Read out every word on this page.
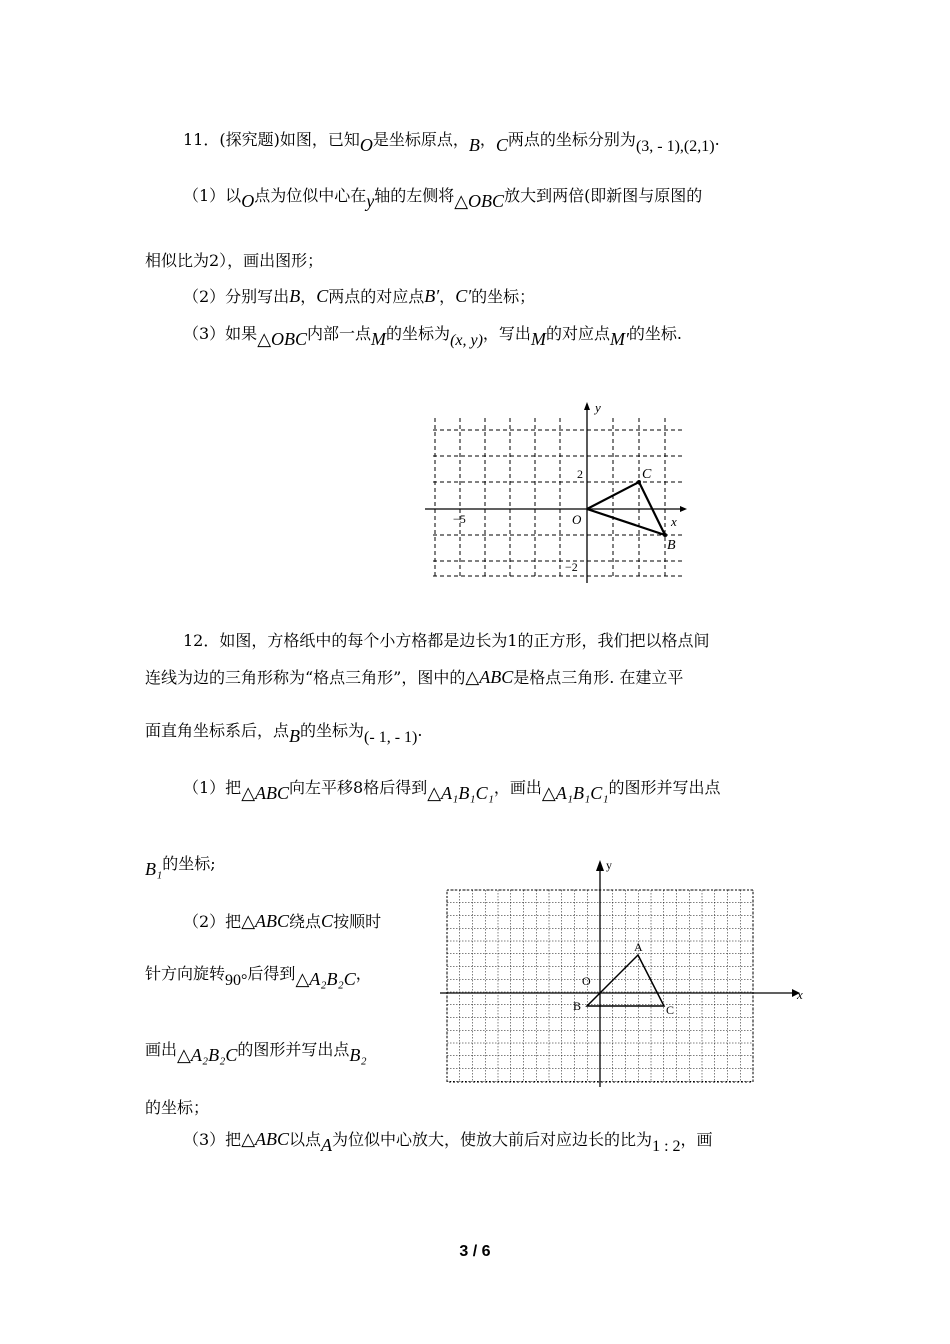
11．(探究题)如图，已知O是坐标原点，B，C两点的坐标分别为(3, - 1),(2,1).
（1）以O点为位似中心在y轴的左侧将△OBC放大到两倍(即新图与原图的
相似比为2），画出图形；
（2）分别写出B，C两点的对应点B′，C′的坐标；
（3）如果△OBC内部一点M的坐标为(x, y)，写出M的对应点M′的坐标.
y
x
O
2
−5
−2
C
B
12．如图，方格纸中的每个小方格都是边长为1的正方形，我们把以格点间
连线为边的三角形称为“格点三角形”，图中的△ABC是格点三角形. 在建立平
面直角坐标系后，点B的坐标为(- 1, - 1).
（1）把△ABC向左平移8格后得到△A₁B₁C₁，画出△A₁B₁C₁的图形并写出点
B₁的坐标;
（2）把△ABC绕点C按顺时
针方向旋转90°后得到△A₂B₂C，
画出△A₂B₂C的图形并写出点B₂
的坐标；
（3）把△ABC以点A为位似中心放大，使放大前后对应边长的比为1 : 2，画
y
x
O
A
B	C
3 / 6
